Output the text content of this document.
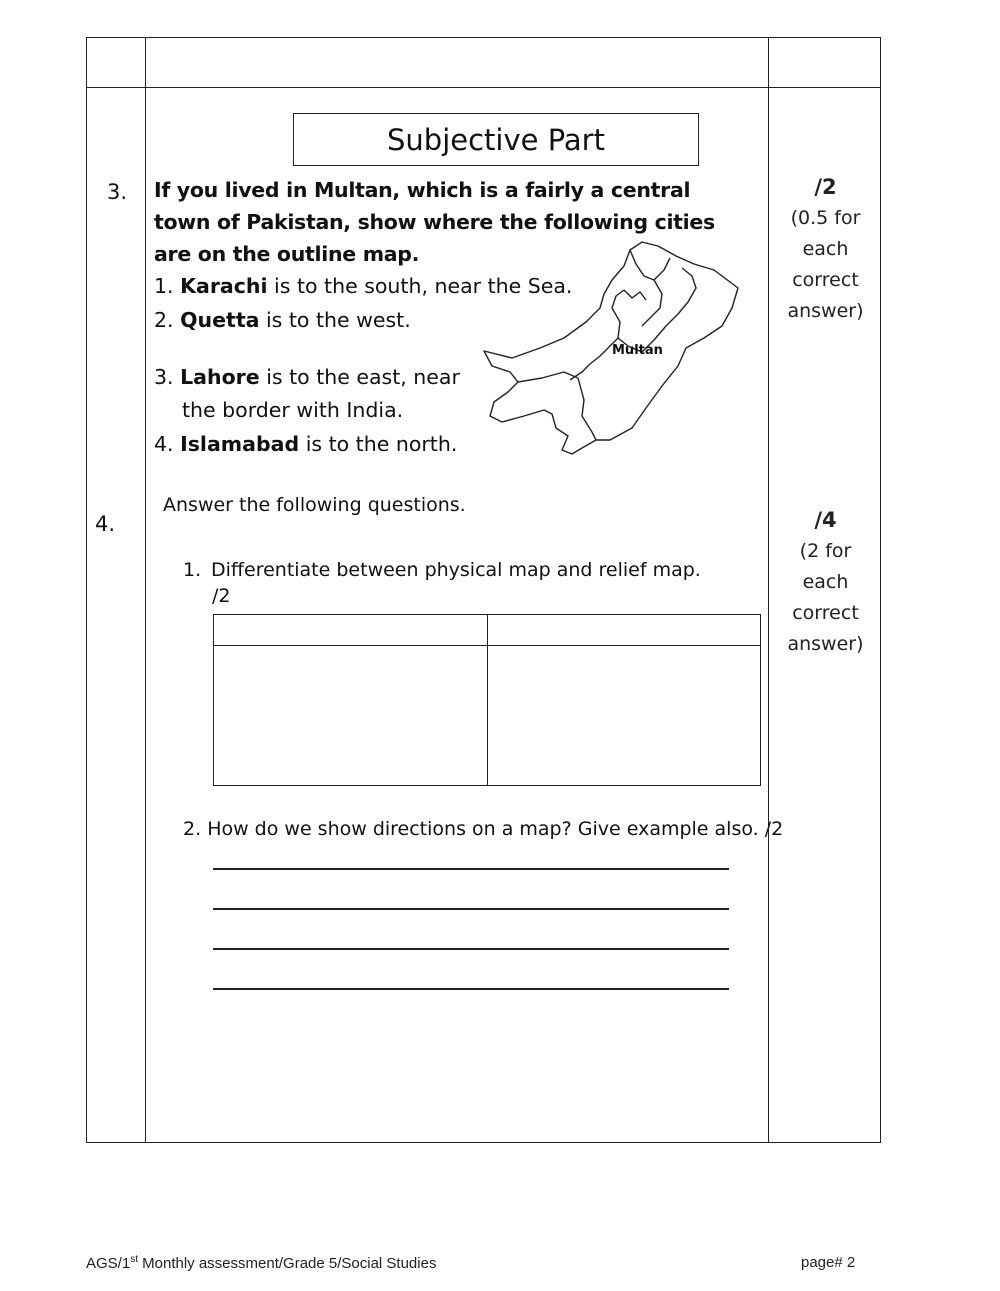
Subjective Part
3. If you lived in Multan, which is a fairly a central town of Pakistan, show where the following cities are on the outline map.
1. Karachi is to the south, near the Sea.
2. Quetta is to the west.
3. Lahore is to the east, near
the border with India.
4. Islamabad is to the north.
Multan
/2
(0.5 for
each
correct
answer)
4.
Answer the following questions.
1. Differentiate between physical map and relief map.
/2
2. How do we show directions on a map? Give example also. /2
/4
(2 for
each
correct
answer)
AGS/1st Monthly assessment/Grade 5/Social Studies	page# 2
